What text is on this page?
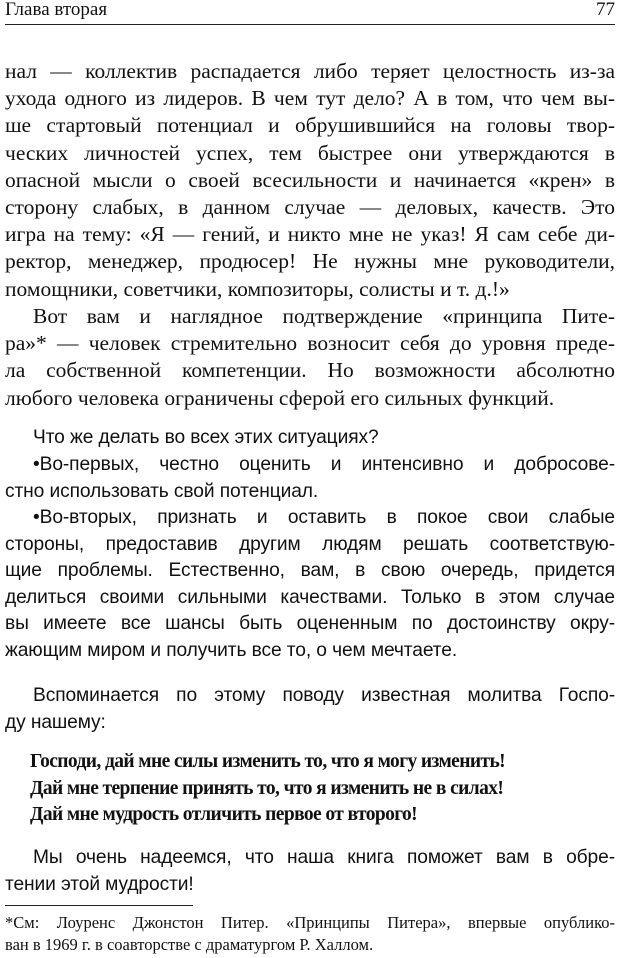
Глава вторая	77

нал — коллектив распадается либо теряет целостность из-за
ухода одного из лидеров. В чем тут дело? А в том, что чем вы-
ше стартовый потенциал и обрушившийся на головы твор-
ческих личностей успех, тем быстрее они утверждаются в
опасной мысли о своей всесильности и начинается «крен» в
сторону слабых, в данном случае — деловых, качеств. Это
игра на тему: «Я — гений, и никто мне не указ! Я сам себе ди-
ректор, менеджер, продюсер! Не нужны мне руководители,
помощники, советчики, композиторы, солисты и т. д.!»

Вот вам и наглядное подтверждение «принципа Питe-
ра»* — человек стремительно возносит себя до уровня преде-
ла собственной компетенции. Но возможности абсолютно
любого человека ограничены сферой его сильных функций.

Что же делать во всех этих ситуациях?

•Во-первых, честно оценить и интенсивно и добросове-
стно использовать свой потенциал.

•Во-вторых, признать и оставить в покое свои слабые
стороны, предоставив другим людям решать соответствую-
щие проблемы. Естественно, вам, в свою очередь, придется
делиться своими сильными качествами. Только в этом случае
вы имеете все шансы быть оцененным по достоинству окру-
жающим миром и получить все то, о чем мечтаете.

Вспоминается по этому поводу известная молитва Госпо-
ду нашему:

Господи, дай мне силы изменить то, что я могу изменить!
Дай мне терпение принять то, что я изменить не в силах!
Дай мне мудрость отличить первое от второго!

Мы очень надеемся, что наша книга поможет вам в обре-
тении этой мудрости!

*См: Лоуренс Джонстон Питер. «Принципы Питера», впервые опублико-
ван в 1969 г. в соавторстве с драматургом Р. Халлом.
